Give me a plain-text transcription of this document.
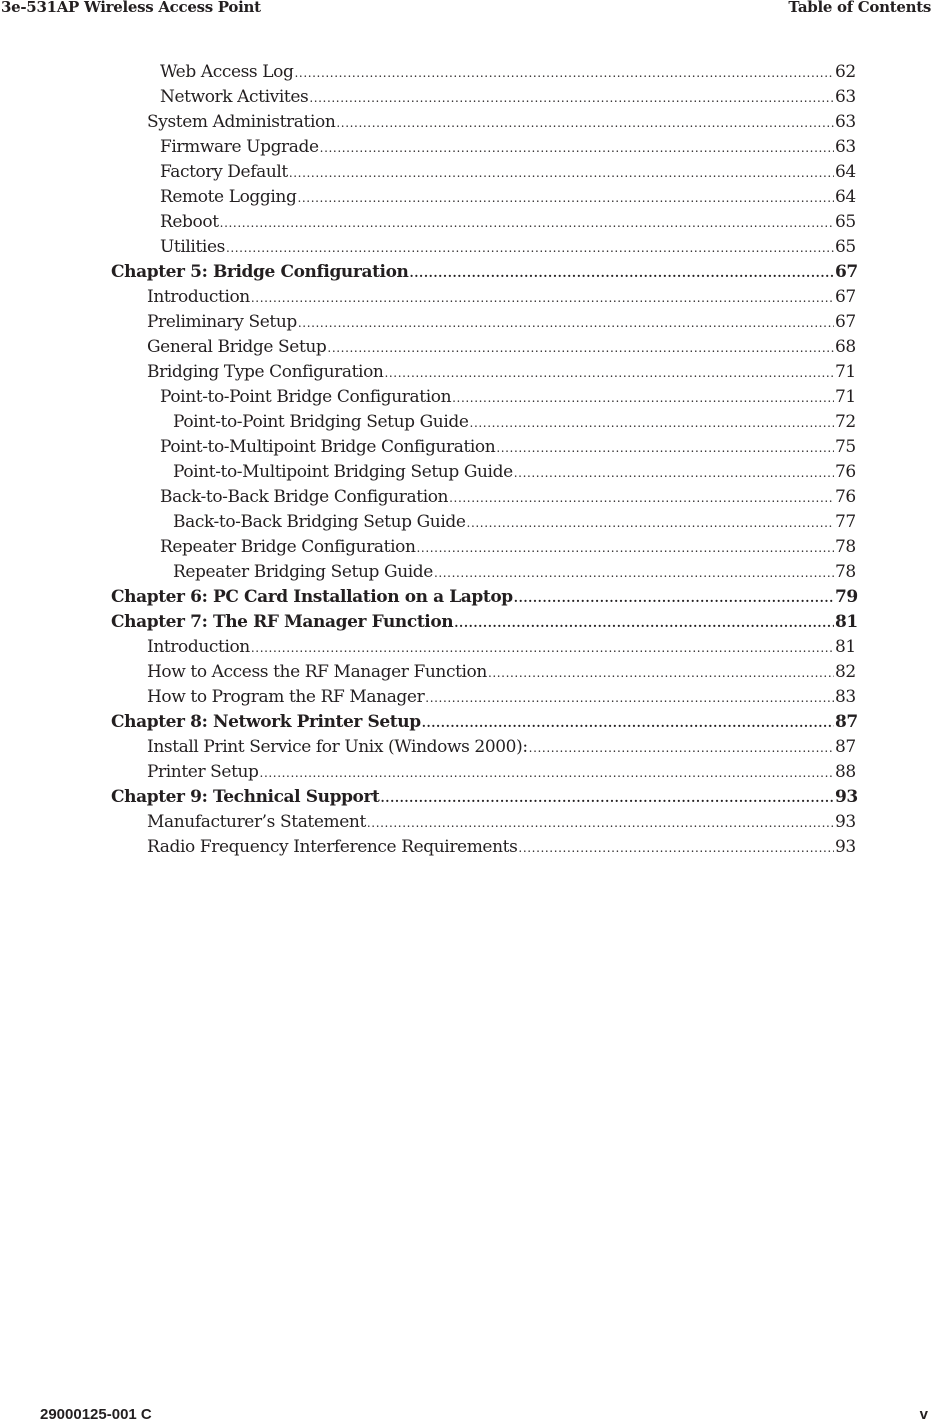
3e-531AP Wireless Access Point	Table of Contents
Web Access Log .....	62
Network Activites .....	63
System Administration .....	63
Firmware Upgrade .....	63
Factory Default .....	64
Remote Logging .....	64
Reboot .....	65
Utilities .....	65
Chapter 5: Bridge Configuration .....	67
Introduction .....	67
Preliminary Setup .....	67
General Bridge Setup .....	68
Bridging Type Configuration .....	71
Point-to-Point Bridge Configuration .....	71
Point-to-Point Bridging Setup Guide .....	72
Point-to-Multipoint Bridge Configuration .....	75
Point-to-Multipoint Bridging Setup Guide .....	76
Back-to-Back Bridge Configuration .....	76
Back-to-Back Bridging Setup Guide .....	77
Repeater Bridge Configuration .....	78
Repeater Bridging Setup Guide .....	78
Chapter 6: PC Card Installation on a Laptop .....	79
Chapter 7: The RF Manager Function .....	81
Introduction .....	81
How to Access the RF Manager Function .....	82
How to Program the RF Manager .....	83
Chapter 8: Network Printer Setup .....	87
Install Print Service for Unix (Windows 2000): .....	87
Printer Setup .....	88
Chapter 9: Technical Support .....	93
Manufacturer’s Statement .....	93
Radio Frequency Interference Requirements .....	93
29000125-001 C	v
